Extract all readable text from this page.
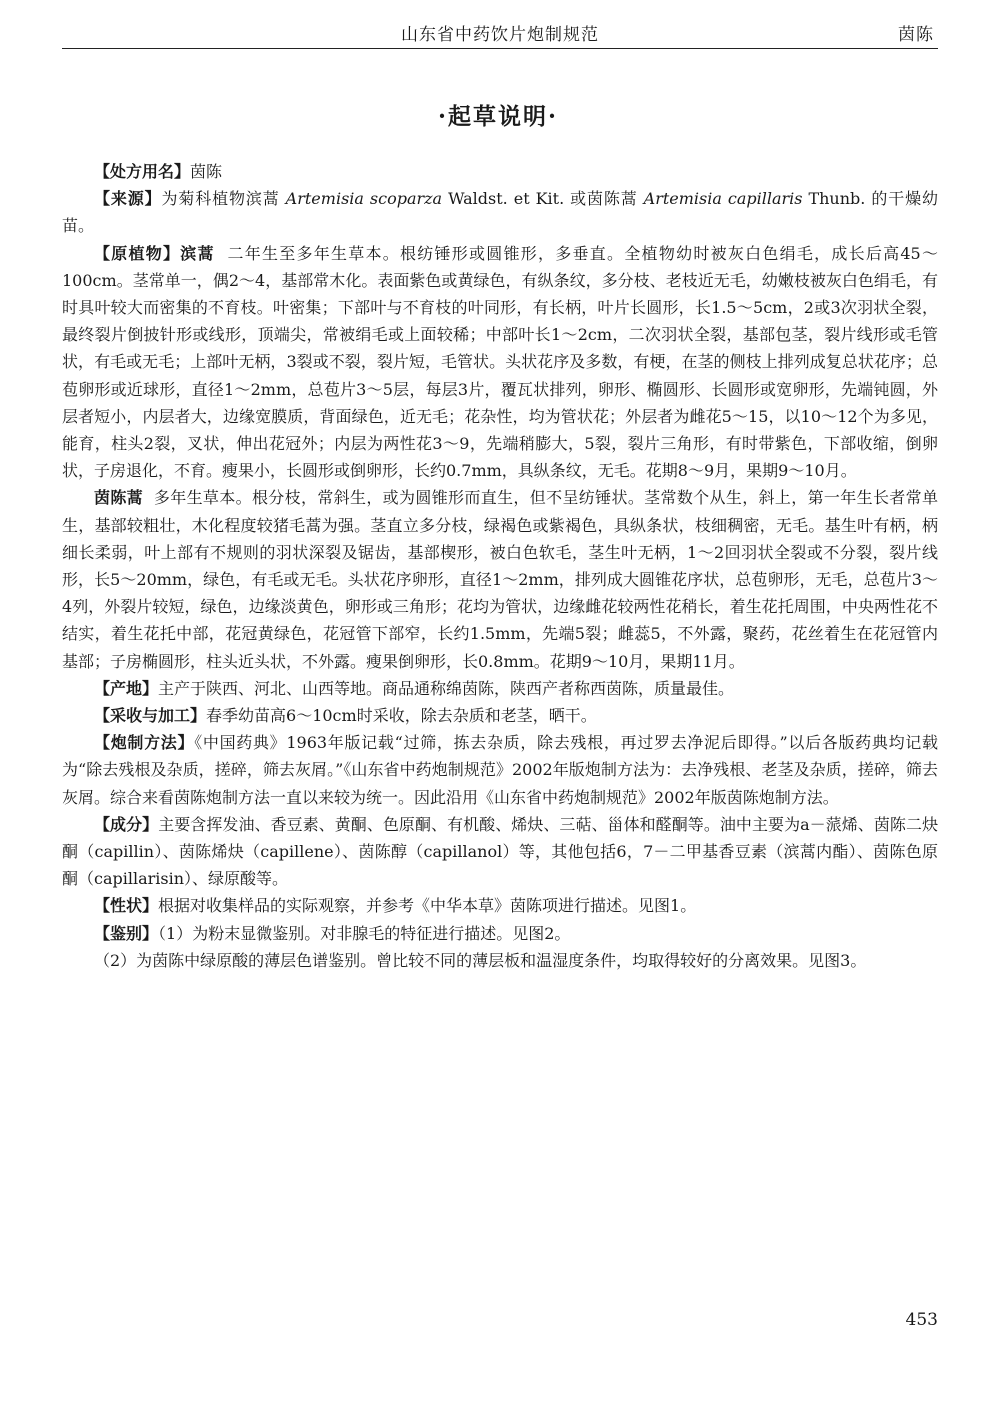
山东省中药饮片炮制规范	茵陈
·起草说明·

【处方用名】茵陈

【来源】为菊科植物滨蒿 Artemisia scoparza Waldst. et Kit. 或茵陈蒿 Artemisia capillaris Thunb. 的干燥幼苗。

【原植物】滨蒿 二年生至多年生草本。根纺锤形或圆锥形，多垂直。全植物幼时被灰白色绢毛，成长后高45～100cm。茎常单一，偶2～4，基部常木化。表面紫色或黄绿色，有纵条纹，多分枝、老枝近无毛，幼嫩枝被灰白色绢毛，有时具叶较大而密集的不育枝。叶密集；下部叶与不育枝的叶同形，有长柄，叶片长圆形，长1.5～5cm，2或3次羽状全裂，最终裂片倒披针形或线形，顶端尖，常被绢毛或上面较稀；中部叶长1～2cm，二次羽状全裂，基部包茎，裂片线形或毛管状，有毛或无毛；上部叶无柄，3裂或不裂，裂片短，毛管状。头状花序及多数，有梗，在茎的侧枝上排列成复总状花序；总苞卵形或近球形，直径1～2mm，总苞片3～5层，每层3片，覆瓦状排列，卵形、椭圆形、长圆形或宽卵形，先端钝圆，外层者短小，内层者大，边缘宽膜质，背面绿色，近无毛；花杂性，均为管状花；外层者为雌花5～15，以10～12个为多见，能育，柱头2裂，叉状，伸出花冠外；内层为两性花3～9，先端稍膨大，5裂，裂片三角形，有时带紫色，下部收缩，倒卵状，子房退化，不育。瘦果小，长圆形或倒卵形，长约0.7mm，具纵条纹，无毛。花期8～9月，果期9～10月。

茵陈蒿 多年生草本。根分枝，常斜生，或为圆锥形而直生，但不呈纺锤状。茎常数个从生，斜上，第一年生长者常单生，基部较粗壮，木化程度较猪毛蒿为强。茎直立多分枝，绿褐色或紫褐色，具纵条状，枝细稠密，无毛。基生叶有柄，柄细长柔弱，叶上部有不规则的羽状深裂及锯齿，基部楔形，被白色软毛，茎生叶无柄，1～2回羽状全裂或不分裂，裂片线形，长5～20mm，绿色，有毛或无毛。头状花序卵形，直径1～2mm，排列成大圆锥花序状，总苞卵形，无毛，总苞片3～4列，外裂片较短，绿色，边缘淡黄色，卵形或三角形；花均为管状，边缘雌花较两性花稍长，着生花托周围，中央两性花不结实，着生花托中部，花冠黄绿色，花冠管下部窄，长约1.5mm，先端5裂；雌蕊5，不外露，聚药，花丝着生在花冠管内基部；子房椭圆形，柱头近头状，不外露。瘦果倒卵形，长0.8mm。花期9～10月，果期11月。

【产地】主产于陕西、河北、山西等地。商品通称绵茵陈，陕西产者称西茵陈，质量最佳。

【采收与加工】春季幼苗高6～10cm时采收，除去杂质和老茎，晒干。

【炮制方法】《中国药典》1963年版记载“过筛，拣去杂质，除去残根，再过罗去净泥后即得。”以后各版药典均记载为“除去残根及杂质，搓碎，筛去灰屑。”《山东省中药炮制规范》2002年版炮制方法为：去净残根、老茎及杂质，搓碎，筛去灰屑。综合来看茵陈炮制方法一直以来较为统一。因此沿用《山东省中药炮制规范》2002年版茵陈炮制方法。

【成分】主要含挥发油、香豆素、黄酮、色原酮、有机酸、烯炔、三萜、甾体和醛酮等。油中主要为a－蒎烯、茵陈二炔酮（capillin）、茵陈烯炔（capillene）、茵陈醇（capillanol）等，其他包括6，7－二甲基香豆素（滨蒿内酯）、茵陈色原酮（capillarisin）、绿原酸等。

【性状】根据对收集样品的实际观察，并参考《中华本草》茵陈项进行描述。见图1。

【鉴别】（1）为粉末显微鉴别。对非腺毛的特征进行描述。见图2。

（2）为茵陈中绿原酸的薄层色谱鉴别。曾比较不同的薄层板和温湿度条件，均取得较好的分离效果。见图3。

453
